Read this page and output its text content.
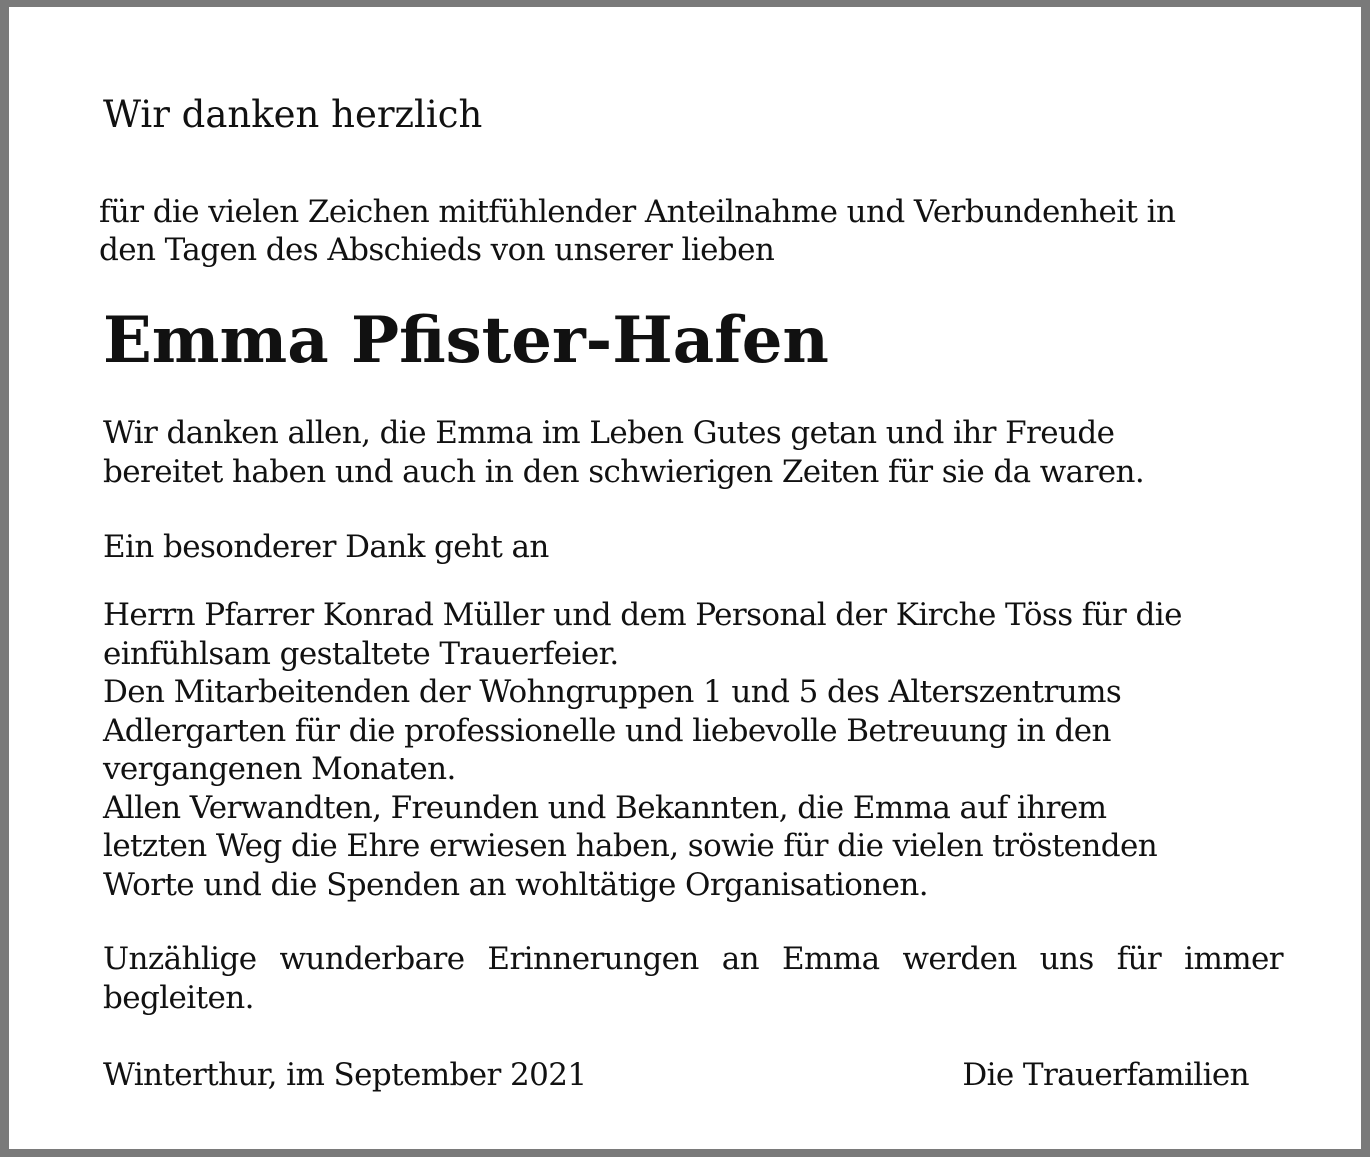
Wir danken herzlich

für die vielen Zeichen mitfühlender Anteilnahme und Verbundenheit in
den Tagen des Abschieds von unserer lieben

Emma Pfister-Hafen

Wir danken allen, die Emma im Leben Gutes getan und ihr Freude
bereitet haben und auch in den schwierigen Zeiten für sie da waren.

Ein besonderer Dank geht an

Herrn Pfarrer Konrad Müller und dem Personal der Kirche Töss für die
einfühlsam gestaltete Trauerfeier.
Den Mitarbeitenden der Wohngruppen 1 und 5 des Alterszentrums
Adlergarten für die professionelle und liebevolle Betreuung in den
vergangenen Monaten.
Allen Verwandten, Freunden und Bekannten, die Emma auf ihrem
letzten Weg die Ehre erwiesen haben, sowie für die vielen tröstenden
Worte und die Spenden an wohltätige Organisationen.

Unzählige wunderbare Erinnerungen an Emma werden uns für immer begleiten.

Winterthur, im September 2021	Die Trauerfamilien
